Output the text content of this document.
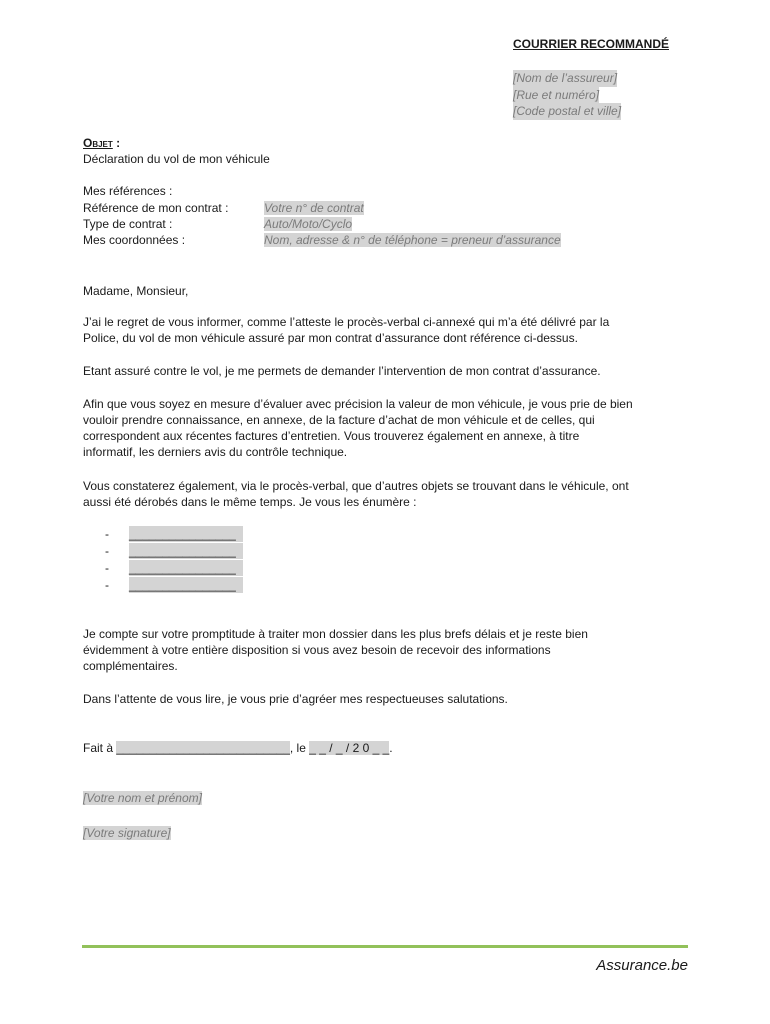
COURRIER RECOMMANDÉ
[Nom de l’assureur]
[Rue et numéro]
[Code postal et ville]
Objet :
Déclaration du vol de mon véhicule
Mes références :
Référence de mon contrat :	Votre n° de contrat
Type de contrat :	Auto/Moto/Cyclo
Mes coordonnées :	Nom, adresse & n° de téléphone = preneur d’assurance
Madame, Monsieur,

J’ai le regret de vous informer, comme l’atteste le procès-verbal ci-annexé qui m’a été délivré par la

Police, du vol de mon véhicule assuré par mon contrat d’assurance dont référence ci-dessus.

Etant assuré contre le vol, je me permets de demander l’intervention de mon contrat d’assurance.

Afin que vous soyez en mesure d’évaluer avec précision la valeur de mon véhicule, je vous prie de bien

vouloir prendre connaissance, en annexe, de la facture d’achat de mon véhicule et de celles, qui

correspondent aux récentes factures d’entretien. Vous trouverez également en annexe, à titre

informatif, les derniers avis du contrôle technique.

Vous constaterez également, via le procès-verbal, que d’autres objets se trouvant dans le véhicule, ont

aussi été dérobés dans le même temps. Je vous les énumère :

- ________________
- ________________
- ________________
- ________________

Je compte sur votre promptitude à traiter mon dossier dans les plus brefs délais et je reste bien

évidemment à votre entière disposition si vous avez besoin de recevoir des informations

complémentaires.

Dans l’attente de vous lire, je vous prie d’agréer mes respectueuses salutations.

Fait à __________________________, le _ _ / _ / 2 0 _ _.
[Votre nom et prénom]
[Votre signature]
Assurance.be
